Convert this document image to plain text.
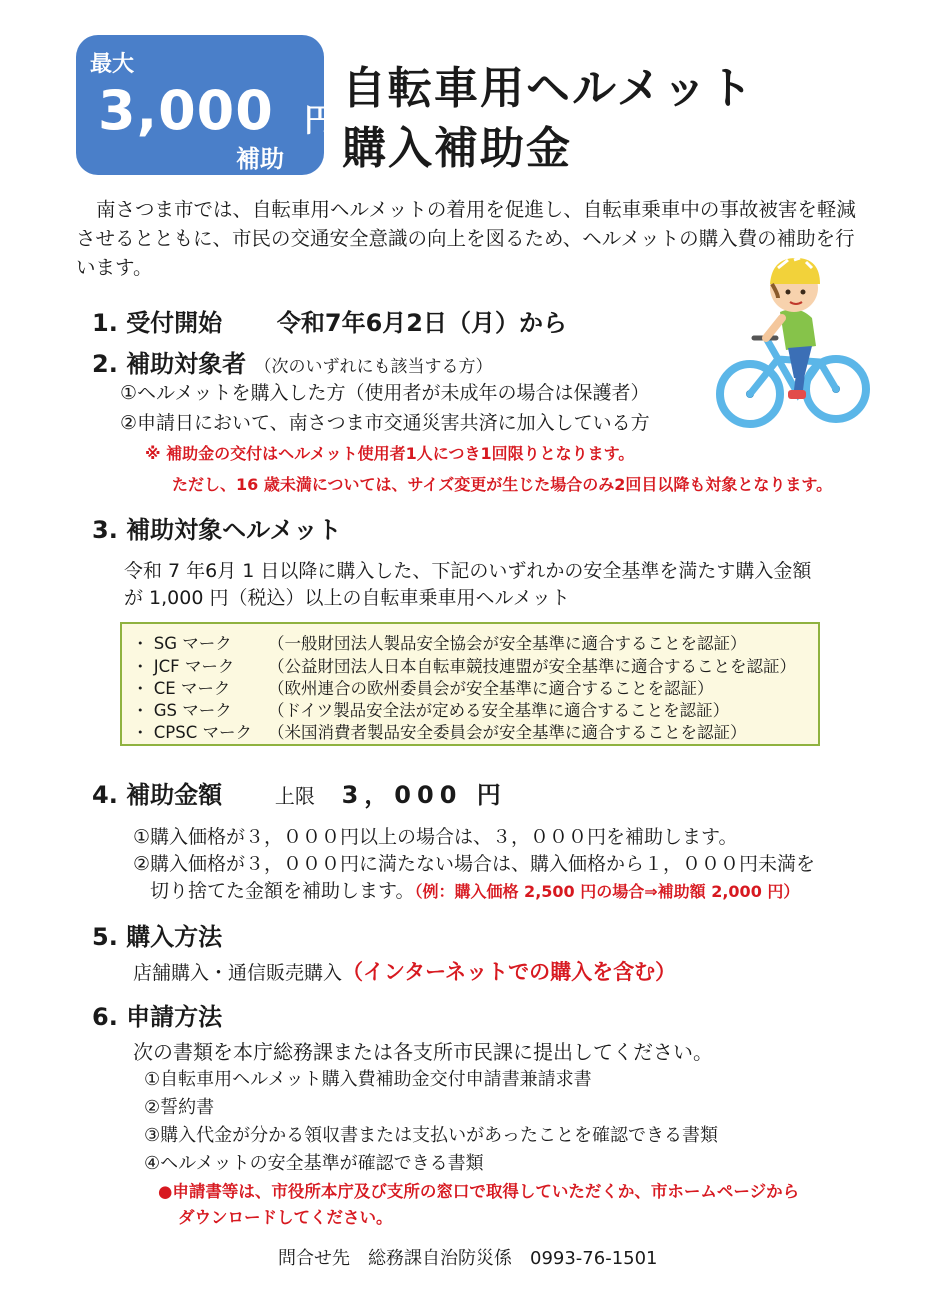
最大
3,000 円
補助
自転車用ヘルメット
購入補助金
南さつま市では、自転車用ヘルメットの着用を促進し、自転車乗車中の事故被害を軽減させるとともに、市民の交通安全意識の向上を図るため、ヘルメットの購入費の補助を行います。
1. 受付開始 令和7年6月2日（月）から
2. 補助対象者 （次のいずれにも該当する方）
①ヘルメットを購入した方（使用者が未成年の場合は保護者）
②申請日において、南さつま市交通災害共済に加入している方
※ 補助金の交付はヘルメット使用者1人につき1回限りとなります。
ただし、16 歳未満については、サイズ変更が生じた場合のみ2回目以降も対象となります。
3. 補助対象ヘルメット
令和 7 年6月 1 日以降に購入した、下記のいずれかの安全基準を満たす購入金額
が 1,000 円（税込）以上の自転車乗車用ヘルメット
・ SG マーク （一般財団法人製品安全協会が安全基準に適合することを認証）
・ JCF マーク （公益財団法人日本自転車競技連盟が安全基準に適合することを認証）
・ CE マーク （欧州連合の欧州委員会が安全基準に適合することを認証）
・ GS マーク （ドイツ製品安全法が定める安全基準に適合することを認証）
・ CPSC マーク （米国消費者製品安全委員会が安全基準に適合することを認証）
4. 補助金額	上限 3，000 円
①購入価格が３，０００円以上の場合は、３，０００円を補助します。
②購入価格が３，０００円に満たない場合は、購入価格から１，０００円未満を
切り捨てた金額を補助します。（例：購入価格 2,500 円の場合⇒補助額 2,000 円）
5. 購入方法
店舗購入・通信販売購入（インターネットでの購入を含む）
6. 申請方法
次の書類を本庁総務課または各支所市民課に提出してください。
①自転車用ヘルメット購入費補助金交付申請書兼請求書
②誓約書
③購入代金が分かる領収書または支払いがあったことを確認できる書類
④ヘルメットの安全基準が確認できる書類
●申請書等は、市役所本庁及び支所の窓口で取得していただくか、市ホームページから
ダウンロードしてください。
問合せ先　総務課自治防災係　0993-76-1501
